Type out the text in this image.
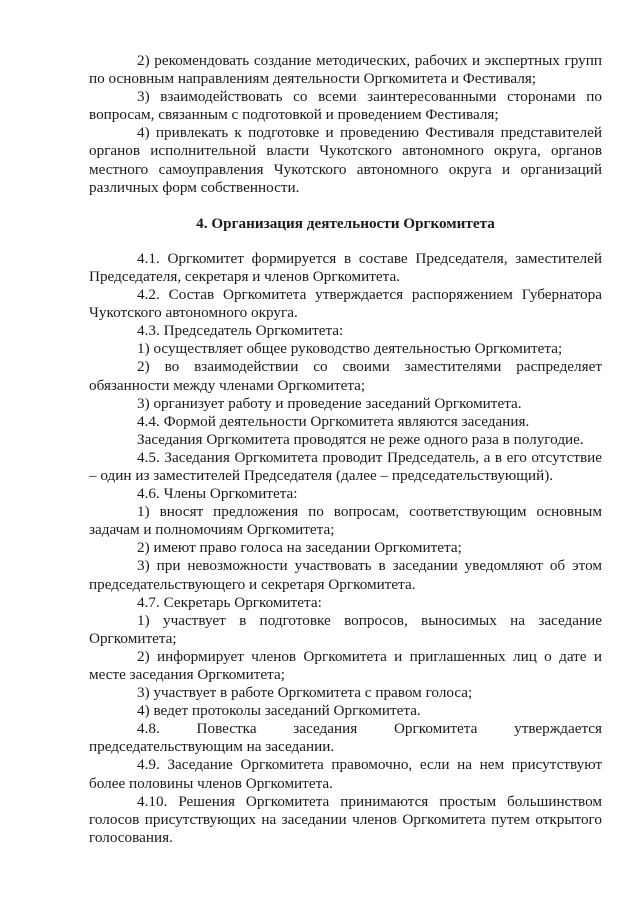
2) рекомендовать создание методических, рабочих и экспертных групп по основным направлениям деятельности Оргкомитета и Фестиваля;

3) взаимодействовать со всеми заинтересованными сторонами по вопросам, связанным с подготовкой и проведением Фестиваля;

4) привлекать к подготовке и проведению Фестиваля представителей органов исполнительной власти Чукотского автономного округа, органов местного самоуправления Чукотского автономного округа и организаций различных форм собственности.

4. Организация деятельности Оргкомитета

4.1. Оргкомитет формируется в составе Председателя, заместителей Председателя, секретаря и членов Оргкомитета.

4.2. Состав Оргкомитета утверждается распоряжением Губернатора Чукотского автономного округа.

4.3. Председатель Оргкомитета:

1) осуществляет общее руководство деятельностью Оргкомитета;

2) во взаимодействии со своими заместителями распределяет обязанности между членами Оргкомитета;

3) организует работу и проведение заседаний Оргкомитета.

4.4. Формой деятельности Оргкомитета являются заседания.

Заседания Оргкомитета проводятся не реже одного раза в полугодие.

4.5. Заседания Оргкомитета проводит Председатель, а в его отсутствие – один из заместителей Председателя (далее – председательствующий).

4.6. Члены Оргкомитета:

1) вносят предложения по вопросам, соответствующим основным задачам и полномочиям Оргкомитета;

2) имеют право голоса на заседании Оргкомитета;

3) при невозможности участвовать в заседании уведомляют об этом председательствующего и секретаря Оргкомитета.

4.7. Секретарь Оргкомитета:

1) участвует в подготовке вопросов, выносимых на заседание Оргкомитета;

2) информирует членов Оргкомитета и приглашенных лиц о дате и месте заседания Оргкомитета;

3) участвует в работе Оргкомитета с правом голоса;

4) ведет протоколы заседаний Оргкомитета.

4.8. Повестка заседания Оргкомитета утверждается председательствующим на заседании.

4.9. Заседание Оргкомитета правомочно, если на нем присутствуют более половины членов Оргкомитета.

4.10. Решения Оргкомитета принимаются простым большинством голосов присутствующих на заседании членов Оргкомитета путем открытого голосования.
